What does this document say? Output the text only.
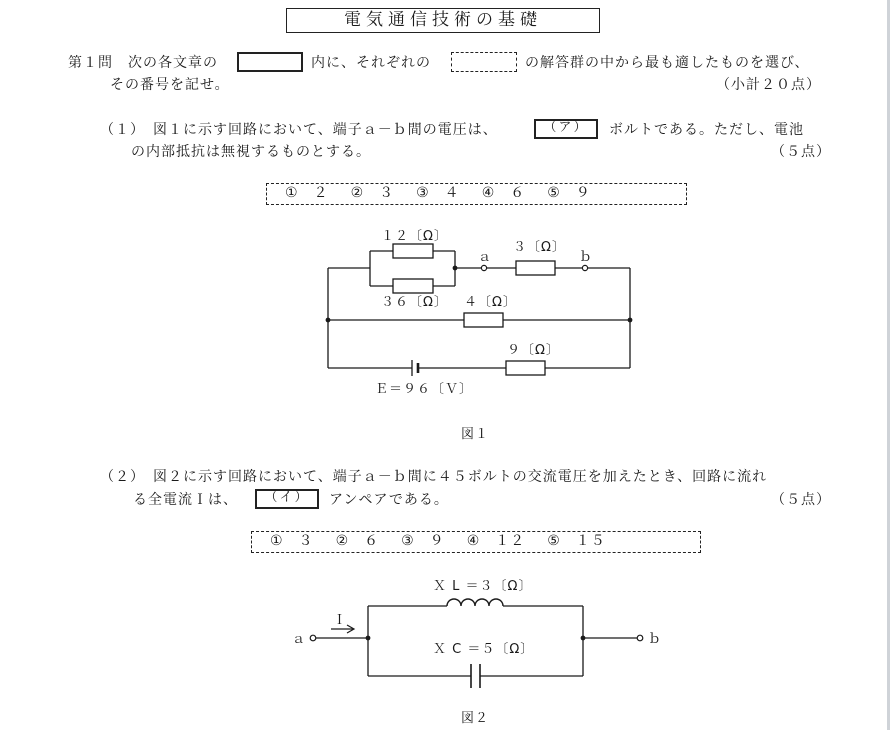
電気通信技術の基礎
第１問　次の各文章の	内に、それぞれの	の解答群の中から最も適したものを選び、
その番号を記せ。	（小計２０点）
（１）　図１に示す回路において、端子ａ－ｂ間の電圧は、	（ア）	ボルトである。ただし、電池
の内部抵抗は無視するものとする。	（５点）
①　２ ②　３ ③　４ ④　６ ⑤　９
１２〔Ω〕
３６〔Ω〕
３〔Ω〕
４〔Ω〕
９〔Ω〕
ａ	ｂ
Ｅ＝９６〔Ｖ〕
図１
（２）　図２に示す回路において、端子ａ－ｂ間に４５ボルトの交流電圧を加えたとき、回路に流れ
る全電流Ｉは、	（イ）	アンペアである。	（５点）
①　３ ②　６ ③　９ ④　１２ ⑤　１５
Ｘ L ＝３〔Ω〕
Ｘ C ＝５〔Ω〕
Ｉ
ａ	ｂ
図２
